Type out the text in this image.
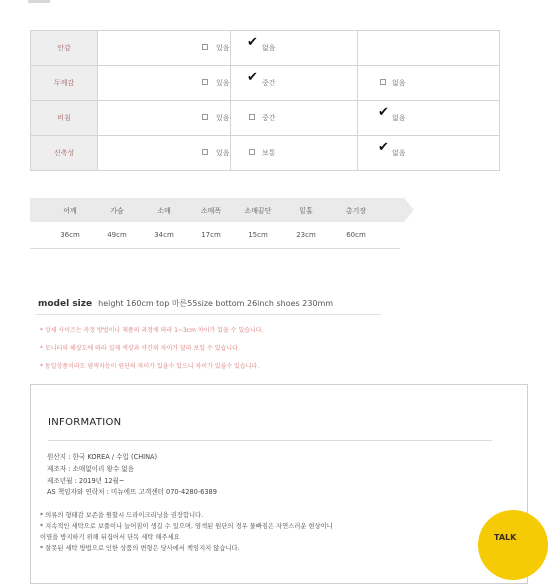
안감	있음	✔ 없음	

두께감	있음	✔ 중간	없음

비침	있음	중간	✔ 없음

신축성	있음	보통	✔ 없음
어깨	가슴	소매	소매폭	소매끝단	밑홀	총기장
36cm	49cm	34cm	17cm	15cm	23cm	60cm
model size height 160cm top 마른55size bottom 26inch shoes 230mm
* 상세 사이즈는 측정 방법이나 제품의 과정에 따라 1~3cm 차이가 있을 수 있습니다.
* 모니터의 해상도에 따라 실제 색상과 약간의 차이가 달라 보일 수 있습니다.
* 동일상품이라도 염색차등이 원단의 차이가 있을수 있으니 차이가 있을수 있습니다.
INFORMATION
원산지 : 한국 KOREA / 수입 (CHINA)
제조자 : 소매없이리 왕수 없음
제조년월 : 2019년 12월~
AS 책임자와 연락처 : 미뉴에뜨 고객센터 070-4280-6389
* 의류의 형태감 보존을 원할시 드라이크리닝을 권장합니다.
* 지속적인 세탁으로 보풀이나 늘어짐이 생길 수 있으며, 염색된 원단의 경우 물빠짐은 자연스러운 현상이니
이염을 방지하기 위해 뒤집어서 단독 세탁 해주세요
* 잘못된 세탁 방법으로 인한 상품의 변형은 당사에서 책임지지 않습니다.
TALK
